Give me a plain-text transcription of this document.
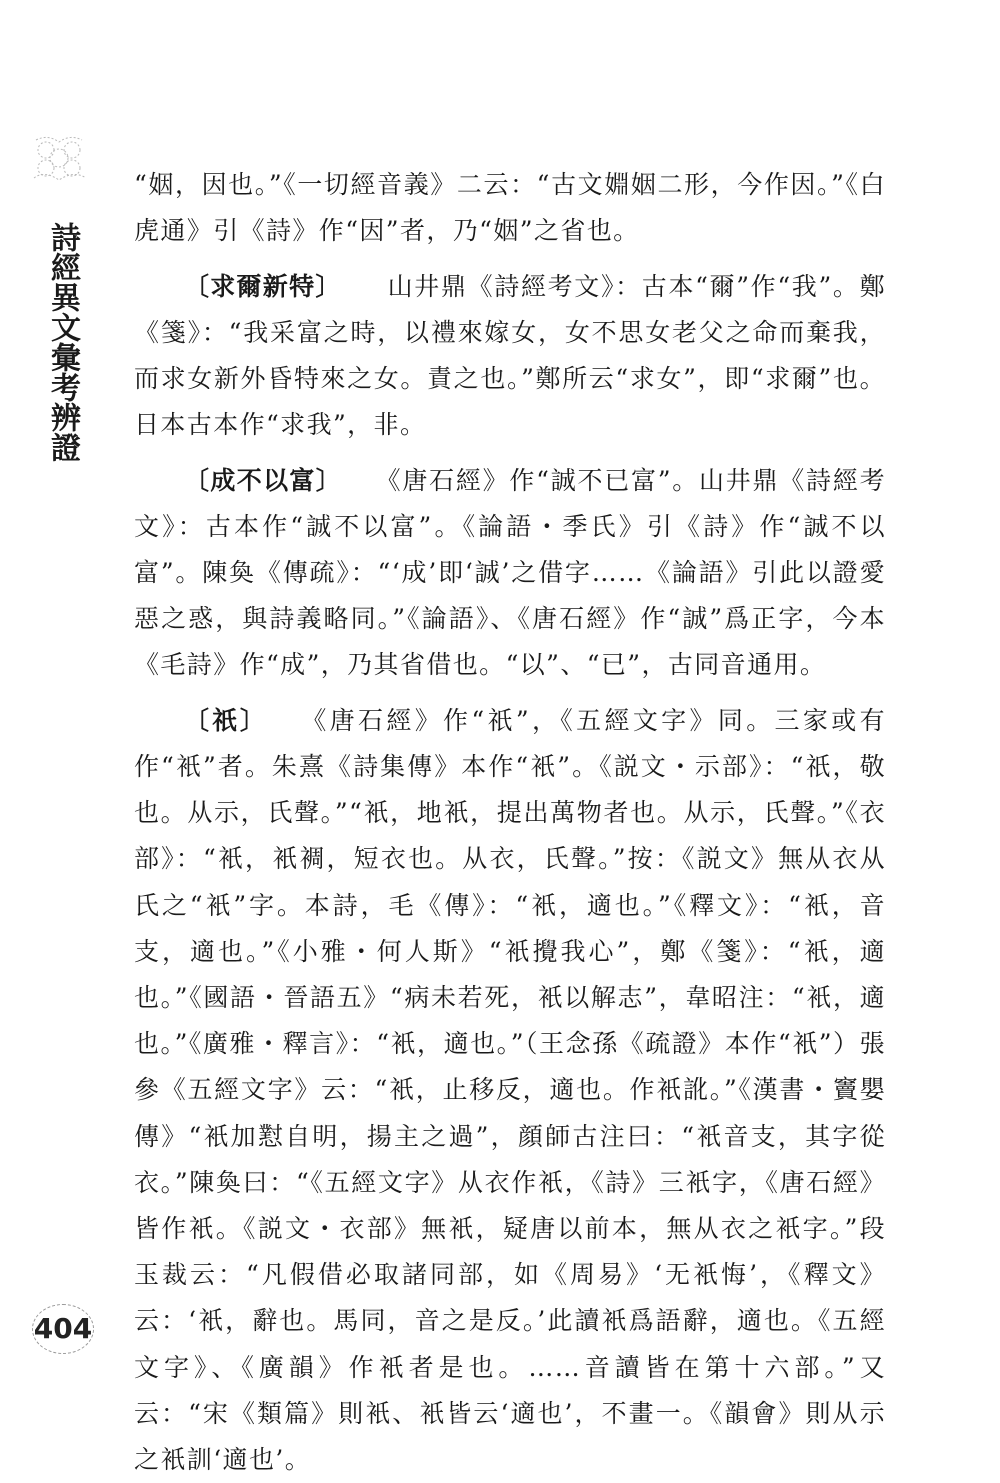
詩經異文彙考辨證

“姻，因也。”《一切經音義》二云：“古文婣姻二形，今作因。”《白虎通》引《詩》作“因”者，乃“姻”之省也。

〔求爾新特〕 山井鼎《詩經考文》：古本“爾”作“我”。鄭《箋》：“我采富之時，以禮來嫁女，女不思女老父之命而棄我，而求女新外昏特來之女。責之也。”鄭所云“求女”，即“求爾”也。日本古本作“求我”，非。

〔成不以富〕 《唐石經》作“誠不已富”。山井鼎《詩經考文》：古本作“誠不以富”。《論語・季氏》引《詩》作“誠不以富”。陳奐《傳疏》：“‘成’即‘誠’之借字……《論語》引此以證愛惡之惑，與詩義略同。”《論語》、《唐石經》作“誠”爲正字，今本《毛詩》作“成”，乃其省借也。“以”、“已”，古同音通用。

〔祇〕 《唐石經》作“祇”，《五經文字》同。三家或有作“衹”者。朱熹《詩集傳》本作“衹”。《説文・示部》：“祇，敬也。从示，氏聲。”“衹，地衹，提出萬物者也。从示，氏聲。”《衣部》：“衹，衹裯，短衣也。从衣，氏聲。”按：《説文》無从衣从氏之“衹”字。本詩，毛《傳》：“衹，適也。”《釋文》：“衹，音支，適也。”《小雅・何人斯》“衹攪我心”，鄭《箋》：“衹，適也。”《國語・晉語五》“病未若死，衹以解志”，韋昭注：“衹，適也。”《廣雅・釋言》：“衹，適也。”（王念孫《疏證》本作“衹”）張參《五經文字》云：“衹，止移反，適也。作衹訛。”《漢書・竇嬰傳》“衹加懟自明，揚主之過”，顔師古注曰：“衹音支，其字從衣。”陳奐曰：“《五經文字》从衣作衹，《詩》三衹字，《唐石經》皆作衹。《説文・衣部》無衹，疑唐以前本，無从衣之衹字。”段玉裁云：“凡假借必取諸同部，如《周易》‘无衹悔’，《釋文》云：‘衹，辭也。馬同，音之是反。’此讀衹爲語辭，適也。《五經文字》、《廣韻》作衹者是也。……音讀皆在第十六部。”又云：“宋《類篇》則衹、衹皆云‘適也’，不畫一。《韻會》則从示之衹訓‘適也’。

404
